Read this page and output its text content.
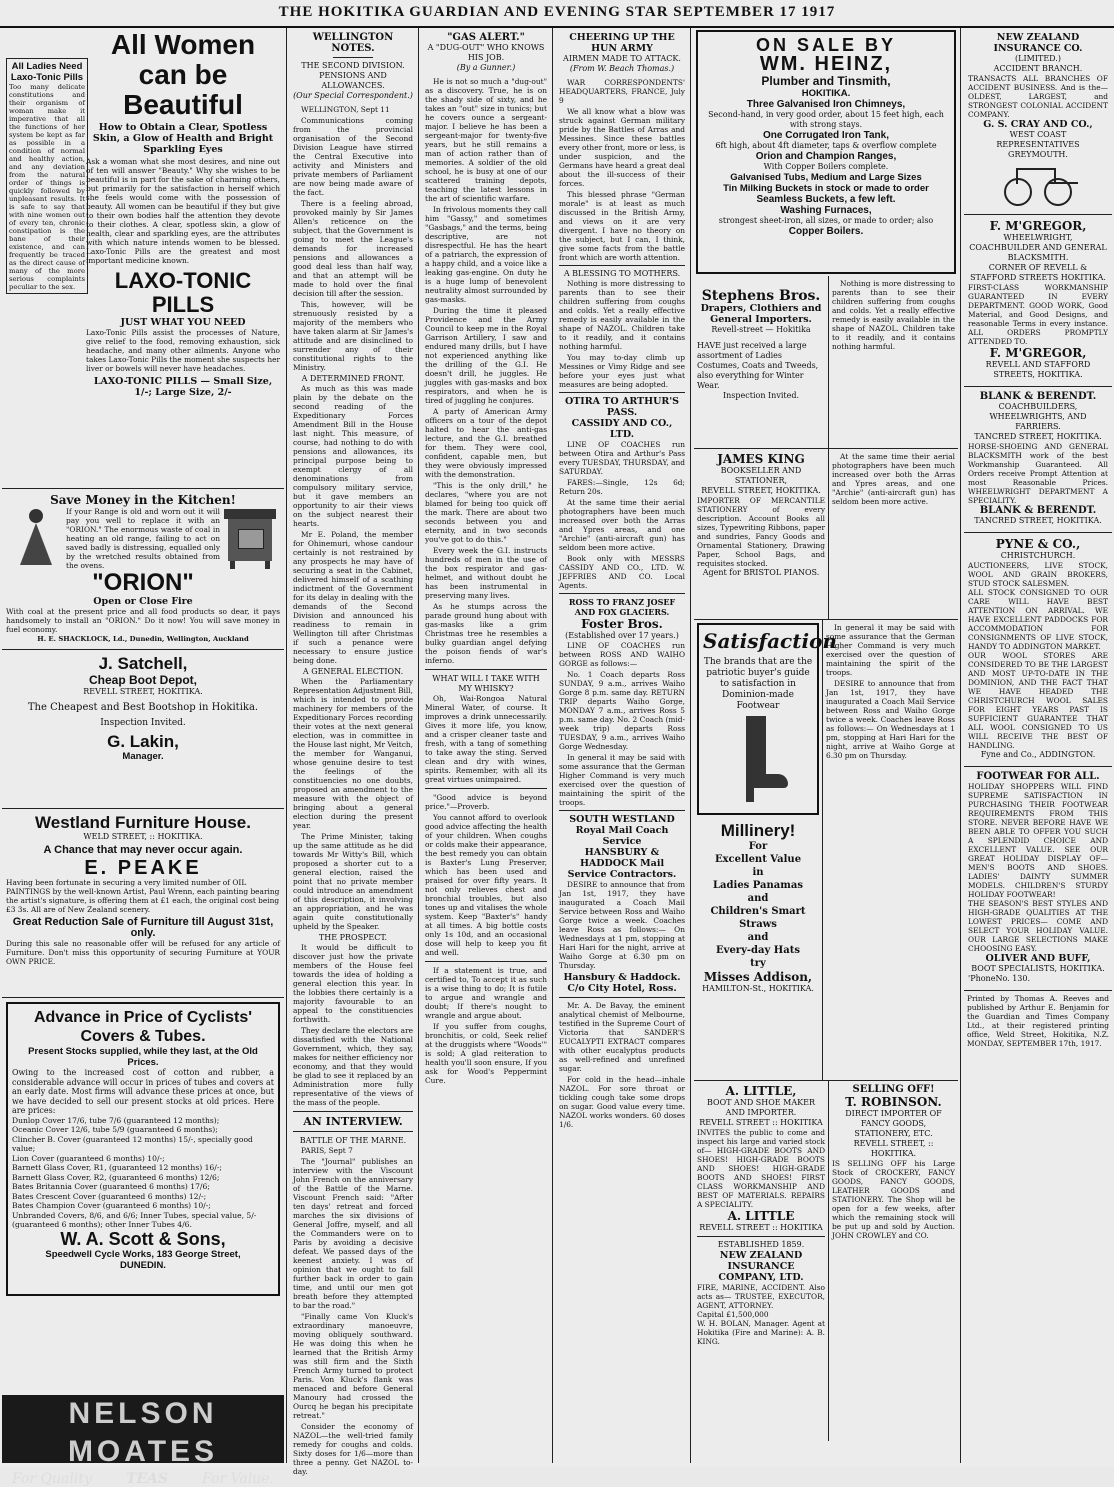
THE HOKITIKA GUARDIAN AND EVENING STAR SEPTEMBER 17 1917
All Ladies Need Laxo-Tonic Pills
Too many delicate constitutions and their organism of woman make it imperative that all the functions of her system be kept as far as possible in a condition of normal and healthy action, and any deviation from the natural order of things is quickly followed by unpleasant results. It is safe to say that with nine women out of every ten, chronic constipation is the bane of their existence, and can frequently be traced as the direct cause of many of the more serious complaints peculiar to the sex.
All Women can be Beautiful
How to Obtain a Clear, Spotless Skin, a Glow of Health and Bright Sparkling Eyes
Ask a woman what she most desires, and nine out of ten will answer "Beauty." Why she wishes to be beautiful is in part for the sake of charming others, but primarily for the satisfaction in herself which she feels would come with the possession of beauty. All women can be beautiful if they but give to their own bodies half the attention they devote to their clothes. A clear, spotless skin, a glow of health, clear and sparkling eyes, are the attributes with which nature intends women to be blessed. Laxo-Tonic Pills are the greatest and most important medicine known.
LAXO-TONIC PILLS
JUST WHAT YOU NEED
Laxo-Tonic Pills assist the processes of Nature, give relief to the food, removing exhaustion, sick headache, and many other ailments. Anyone who takes Laxo-Tonic Pills the moment she suspects her liver or bowels will never have headaches.
LAXO-TONIC PILLS — Small Size, 1/-; Large Size, 2/-
Save Money in the Kitchen!
If your Range is old and worn out it will pay you well to replace it with an "ORION." The enormous waste of coal in heating an old range, failing to act on saved badly is distressing, equalled only by the wretched results obtained from the ovens.
"ORION"
Open or Close Fire
With coal at the present price and all food products so dear, it pays handsomely to install an "ORION." Do it now! You will save money in fuel economy.
H. E. SHACKLOCK, Ld., Dunedin, Wellington, Auckland
J. Satchell,
Cheap Boot Depot,
REVELL STREET, HOKITIKA.
The Cheapest and Best Bootshop in Hokitika.
Inspection Invited.
G. Lakin,
Manager.
Westland Furniture House.
WELD STREET, :: HOKITIKA.
A Chance that may never occur again.
E. PEAKE
Having been fortunate in securing a very limited number of OIL PAINTINGS by the well-known Artist, Paul Wrenn, each painting bearing the artist's signature, is offering them at £1 each, the original cost being £3 3s. All are of New Zealand scenery.
Great Reduction Sale of Furniture till August 31st, only.
During this sale no reasonable offer will be refused for any article of Furniture. Don't miss this opportunity of securing Furniture at YOUR OWN PRICE.
Advance in Price of Cyclists' Covers & Tubes.
Present Stocks supplied, while they last, at the Old Prices.
Owing to the increased cost of cotton and rubber, a considerable advance will occur in prices of tubes and covers at an early date. Most firms will advance these prices at once, but we have decided to sell our present stocks at old prices. Here are prices:
Dunlop Cover 17/6, tube 7/6 (guaranteed 12 months);
Oceanic Cover 12/6, tube 5/9 (guaranteed 6 months);
Clincher B. Cover (guaranteed 12 months) 15/-, specially good value;
Lion Cover (guaranteed 6 months) 10/-;
Barnett Glass Cover, R1, (guaranteed 12 months) 16/-;
Barnett Glass Cover, R2, (guaranteed 6 months) 12/6;
Bates Britannia Cover (guaranteed 6 months) 17/6;
Bates Crescent Cover (guaranteed 6 months) 12/-;
Bates Champion Cover (guaranteed 6 months) 10/-;
Unbranded Covers, 8/6, and 6/6; Inner Tubes, special value, 5/- (guaranteed 6 months); other Inner Tubes 4/6.
W. A. Scott & Sons,
Speedwell Cycle Works, 183 George Street,
DUNEDIN.
NELSON MOATES
For Quality TEAS For Value.
WELLINGTON NOTES.
THE SECOND DIVISION.
PENSIONS AND ALLOWANCES.
(Our Special Correspondent.)

WELLINGTON, Sept 11

Communications coming from the provincial organisation of the Second Division League have stirred the Central Executive into activity and Ministers and private members of Parliament are now being made aware of the fact.

There is a feeling abroad, provoked mainly by Sir James Allen's reticence on the subject, that the Government is going to meet the League's demands for increased pensions and allowances a good deal less than half way, and that an attempt will be made to hold over the final decision till after the session.

This, however, will be strenuously resisted by a majority of the members who have taken alarm at Sir James's attitude and are disinclined to surrender any of their constitutional rights to the Ministry.

A DETERMINED FRONT.

As much as this was made plain by the debate on the second reading of the Expeditionary Forces Amendment Bill in the House last night. This measure, of course, had nothing to do with pensions and allowances, its principal purpose being to exempt clergy of all denominations from compulsory military service, but it gave members an opportunity to air their views on the subject nearest their hearts.

Mr E. Poland, the member for Ohinemuri, whose candour certainly is not restrained by any prospects he may have of securing a seat in the Cabinet, delivered himself of a scathing indictment of the Government for its delay in dealing with the demands of the Second Division and announced his readiness to remain in Wellington till after Christmas if such a penance were necessary to ensure justice being done.

A GENERAL ELECTION.

When the Parliamentary Representation Adjustment Bill, which is intended to provide machinery for members of the Expeditionary Forces recording their votes at the next general election, was in committee in the House last night, Mr Veitch, the member for Wanganui, whose genuine desire to test the feelings of the constituencies no one doubts, proposed an amendment to the measure with the object of bringing about a general election during the present year.

The Prime Minister, taking up the same attitude as he did towards Mr Witty's Bill, which proposed a shorter cut to a general election, raised the point that no private member could introduce an amendment of this description, it involving an appropriation, and he was again quite constitutionally upheld by the Speaker.

THE PROSPECT.

It would be difficult to discover just how the private members of the House feel towards the idea of holding a general election this year. In the lobbies there certainly is a majority favourable to an appeal to the constituencies forthwith.

They declare the electors are dissatisfied with the National Government, which, they say, makes for neither efficiency nor economy, and that they would be glad to see it replaced by an Administration more fully representative of the views of the mass of the people.

AN INTERVIEW.
BATTLE OF THE MARNE.

PARIS, Sept 7

The "Journal" publishes an interview with the Viscount John French on the anniversary of the Battle of the Marne. Viscount French said: "After ten days' retreat and forced marches the six divisions of General Joffre, myself, and all the Commanders were on to Paris by avoiding a decisive defeat. We passed days of the keenest anxiety. I was of opinion that we ought to fall further back in order to gain time, and until our men got breath before they attempted to bar the road."

"Finally came Von Kluck's extraordinary manoeuvre, moving obliquely southward. He was doing this when he learned that the British Army was still firm and the Sixth French Army turned to protect Paris. Von Kluck's flank was menaced and before General Manoury had crossed the Ourcq he began his precipitate retreat."

Consider the economy of NAZOL—the well-tried family remedy for coughs and colds. Sixty doses for 1/6—more than three a penny. Get NAZOL to-day.

"GAS ALERT."
A "DUG-OUT" WHO KNOWS HIS JOB.
(By a Gunner.)

He is not so much a "dug-out" as a discovery. True, he is on the shady side of sixty, and he takes an "out" size in tunics; but he covers ounce a sergeant-major. I believe he has been a sergeant-major for twenty-five years, but he still remains a man of action rather than of memories. A soldier of the old school, he is busy at one of our scattered training depots, teaching the latest lessons in the art of scientific warfare.

In frivolous moments they call him "Gassy," and sometimes "Gasbags," and the terms, being descriptive, are not disrespectful. He has the heart of a patriarch, the expression of a happy child, and a voice like a leaking gas-engine. On duty he is a huge lump of benevolent neutrality almost surrounded by gas-masks.

During the time it pleased Providence and the Army Council to keep me in the Royal Garrison Artillery, I saw and endured many drills, but I have not experienced anything like the drilling of the G.I. He doesn't drill, he juggles. He juggles with gas-masks and box respirators, and when he is tired of juggling he conjures.

A party of American Army officers on a tour of the depot halted to hear the anti-gas lecture, and the G.I. breathed for them. They were cool, confident, capable men, but they were obviously impressed with the demonstration.

"This is the only drill," he declares, "where you are not blamed for being too quick off the mark. There are about two seconds between you and eternity, and in two seconds you've got to do this."

Every week the G.I. instructs hundreds of men in the use of the box respirator and gas-helmet, and without doubt he has been instrumental in preserving many lives.

As he stumps across the parade ground hung about with gas-masks like a grim Christmas tree he resembles a bulky guardian angel defying the poison fiends of war's inferno.

WHAT WILL I TAKE WITH MY WHISKY?

Oh, Wai-Rongoa Natural Mineral Water, of course. It improves a drink unnecessarily. Gives it more life, you know, and a crisper cleaner taste and fresh, with a tang of something to take away the sting. Served clean and dry with wines, spirits. Remember, with all its great virtues unimpaired.

"Good advice is beyond price."—Proverb.

You cannot afford to overlook good advice affecting the health of your children. When coughs or colds make their appearance, the best remedy you can obtain is Baxter's Lung Preserver, which has been used and praised for over fifty years. It not only relieves chest and bronchial troubles, but also tones up and vitalises the whole system. Keep "Baxter's" handy at all times. A big bottle costs only 1s 10d, and an occasional dose will help to keep you fit and well.

If a statement is true, and certified to, To accept it as such is a wise thing to do; It is futile to argue and wrangle and doubt; If there's nought to wrangle and argue about.

If you suffer from coughs, bronchitis, or cold, Seek relief at the druggists where "Woods'" is sold; A glad reiteration to health you'll soon ensure, If you ask for Wood's Peppermint Cure.

CHEERING UP THE HUN ARMY
AIRMEN MADE TO ATTACK.
(From W. Beach Thomas.)

WAR CORRESPONDENTS' HEADQUARTERS, FRANCE, July 9

We all know what a blow was struck against German military pride by the Battles of Arras and Messines. Since these battles every other front, more or less, is under suspicion, and the Germans have heard a great deal about the ill-success of their forces.

This blessed phrase "German morale" is at least as much discussed in the British Army, and views on it are very divergent. I have no theory on the subject, but I can, I think, give some facts from the battle front which are worth attention.

A BLESSING TO MOTHERS.

Nothing is more distressing to parents than to see their children suffering from coughs and colds. Yet a really effective remedy is easily available in the shape of NAZOL. Children take to it readily, and it contains nothing harmful.

You may to-day climb up Messines or Vimy Ridge and see before your eyes just what measures are being adopted.

OTIRA TO ARTHUR'S PASS.
CASSIDY AND CO., LTD.

LINE OF COACHES run between Otira and Arthur's Pass every TUESDAY, THURSDAY, and SATURDAY.

FARES:—Single, 12s 6d; Return 20s.

At the same time their aerial photographers have been much increased over both the Arras and Ypres areas, and one "Archie" (anti-aircraft gun) has seldom been more active.

Book only with MESSRS CASSIDY AND CO., LTD. W. JEFFRIES AND CO. Local Agents.

ROSS TO FRANZ JOSEF AND FOX GLACIERS.
Foster Bros.
(Established over 17 years.)

LINE OF COACHES run between ROSS AND WAIHO GORGE as follows:—

No. 1 Coach departs Ross SUNDAY, 9 a.m., arrives Waiho Gorge 8 p.m. same day. RETURN TRIP departs Waiho Gorge, MONDAY 7 a.m., arrives Ross 5 p.m. same day. No. 2 Coach (mid-week trip) departs Ross TUESDAY, 9 a.m., arrives Waiho Gorge Wednesday.

In general it may be said with some assurance that the German Higher Command is very much exercised over the question of maintaining the spirit of the troops.

SOUTH WESTLAND Royal Mail Coach Service
HANSBURY & HADDOCK Mail Service Contractors.

DESIRE to announce that from Jan 1st, 1917, they have inaugurated a Coach Mail Service between Ross and Waiho Gorge twice a week. Coaches leave Ross as follows:— On Wednesdays at 1 pm, stopping at Hari Hari for the night, arrive at Waiho Gorge at 6.30 pm on Thursday.

Hansbury & Haddock. C/o City Hotel, Ross.

Mr. A. De Bavay, the eminent analytical chemist of Melbourne, testified in the Supreme Court of Victoria that SANDER'S EUCALYPTI EXTRACT compares with other eucalyptus products as well-refined and unrefined sugar.

For cold in the head—inhale NAZOL. For sore throat or tickling cough take some drops on sugar. Good value every time. NAZOL works wonders. 60 doses 1/6.

ON SALE BY
WM. HEINZ,
Plumber and Tinsmith,
HOKITIKA.
Three Galvanised Iron Chimneys,
Second-hand, in very good order, about 15 feet high, each with strong stays.
One Corrugated Iron Tank,
6ft high, about 4ft diameter, taps & overflow complete
Orion and Champion Ranges,
With Copper Boilers complete.
Galvanised Tubs, Medium and Large Sizes
Tin Milking Buckets in stock or made to order
Seamless Buckets, a few left.
Washing Furnaces,
strongest sheet-iron, all sizes, or made to order; also
Copper Boilers.
Stephens Bros.
Drapers, Clothiers and General Importers.
Revell-street — Hokitika
HAVE just received a large assortment of Ladies Costumes, Coats and Tweeds, also everything for Winter Wear.
Inspection Invited.

Nothing is more distressing to parents than to see their children suffering from coughs and colds. Yet a really effective remedy is easily available in the shape of NAZOL. Children take to it readily, and it contains nothing harmful.

JAMES KING
BOOKSELLER AND STATIONER,
REVELL STREET, HOKITIKA.
IMPORTER OF MERCANTILE STATIONERY of every description. Account Books all sizes, Typewriting Ribbons, paper and sundries, Fancy Goods and Ornamental Stationery, Drawing Paper, School Bags, and requisites stocked.
Agent for BRISTOL PIANOS.

At the same time their aerial photographers have been much increased over both the Arras and Ypres areas, and one "Archie" (anti-aircraft gun) has seldom been more active.

Satisfaction
The brands that are the patriotic buyer's guide to satisfaction in Dominion-made Footwear
Millinery!
For
Excellent Value
in
Ladies Panamas
and
Children's Smart Straws
and
Every-day Hats
try
Misses Addison,
HAMILTON-St., HOKITIKA.

In general it may be said with some assurance that the German Higher Command is very much exercised over the question of maintaining the spirit of the troops.

DESIRE to announce that from Jan 1st, 1917, they have inaugurated a Coach Mail Service between Ross and Waiho Gorge twice a week. Coaches leave Ross as follows:— On Wednesdays at 1 pm, stopping at Hari Hari for the night, arrive at Waiho Gorge at 6.30 pm on Thursday.

A. LITTLE,
BOOT AND SHOE MAKER AND IMPORTER.
REVELL STREET :: HOKITIKA
INVITES the public to come and inspect his large and varied stock of— HIGH-GRADE BOOTS AND SHOES! HIGH-GRADE BOOTS AND SHOES! HIGH-GRADE BOOTS AND SHOES! FIRST CLASS WORKMANSHIP AND BEST OF MATERIALS. REPAIRS A SPECIALITY.
A. LITTLE
REVELL STREET :: HOKITIKA
ESTABLISHED 1859.
NEW ZEALAND INSURANCE COMPANY, LTD.
FIRE, MARINE, ACCIDENT. Also acts as— TRUSTEE, EXECUTOR, AGENT, ATTORNEY.
Capital £1,500,000
W. H. BOLAN, Manager. Agent at Hokitika (Fire and Marine): A. B. KING.
SELLING OFF!
T. ROBINSON.
DIRECT IMPORTER OF FANCY GOODS, STATIONERY, ETC.
REVELL STREET, :: HOKITIKA.
IS SELLING OFF his Large Stock of CROCKERY, FANCY GOODS, FANCY GOODS, LEATHER GOODS and STATIONERY. The Shop will be open for a few weeks, after which the remaining stock will be put up and sold by Auction. JOHN CROWLEY and CO.
NEW ZEALAND INSURANCE CO.
(LIMITED.)
ACCIDENT BRANCH.
TRANSACTS ALL BRANCHES OF ACCIDENT BUSINESS. And is the— OLDEST, LARGEST, and STRONGEST COLONIAL ACCIDENT COMPANY.
G. S. CRAY AND CO.,
WEST COAST REPRESENTATIVES
GREYMOUTH.
F. M'GREGOR,
WHEELWRIGHT, COACHBUILDER AND GENERAL BLACKSMITH.
CORNER OF REVELL & STAFFORD STREETS HOKITIKA.
FIRST-CLASS WORKMANSHIP GUARANTEED IN EVERY DEPARTMENT. GOOD WORK, Good Material, and Good Designs, and reasonable Terms in every instance. ALL ORDERS PROMPTLY ATTENDED TO.
F. M'GREGOR,
REVELL AND STAFFORD STREETS, HOKITIKA.
BLANK & BERENDT.
COACHBUILDERS, WHEELWRIGHTS, AND FARRIERS.
TANCRED STREET, HOKITIKA.
HORSE-SHOEING AND GENERAL BLACKSMITH work of the best Workmanship Guaranteed. All Orders receive Prompt Attention at most Reasonable Prices. WHEELWRIGHT DEPARTMENT A SPECIALITY.
BLANK & BERENDT.
TANCRED STREET, HOKITIKA.
PYNE & CO.,
CHRISTCHURCH.
AUCTIONEERS, LIVE STOCK, WOOL AND GRAIN BROKERS, STUD STOCK SALESMEN.
ALL STOCK CONSIGNED TO OUR CARE WILL HAVE BEST ATTENTION ON ARRIVAL. WE HAVE EXCELLENT PADDOCKS FOR ACCOMMODATION FOR CONSIGNMENTS OF LIVE STOCK, HANDY TO ADDINGTON MARKET.
OUR WOOL STORES ARE CONSIDERED TO BE THE LARGEST AND MOST UP-TO-DATE IN THE DOMINION, AND THE FACT THAT WE HAVE HEADED THE CHRISTCHURCH WOOL SALES FOR EIGHT YEARS PAST IS SUFFICIENT GUARANTEE THAT ALL WOOL CONSIGNED TO US WILL RECEIVE THE BEST OF HANDLING.
Fyne and Co., ADDINGTON.
FOOTWEAR FOR ALL.
HOLIDAY SHOPPERS WILL FIND SUPREME SATISFACTION IN PURCHASING THEIR FOOTWEAR REQUIREMENTS FROM THIS STORE. NEVER BEFORE HAVE WE BEEN ABLE TO OFFER YOU SUCH A SPLENDID CHOICE AND EXCELLENT VALUE. SEE OUR GREAT HOLIDAY DISPLAY OF— MEN'S BOOTS AND SHOES. LADIES' DAINTY SUMMER MODELS. CHILDREN'S STURDY HOLIDAY FOOTWEAR!
THE SEASON'S BEST STYLES AND HIGH-GRADE QUALITIES AT THE LOWEST PRICES— COME AND SELECT YOUR HOLIDAY VALUE. OUR LARGE SELECTIONS MAKE CHOOSING EASY.
OLIVER AND BUFF,
BOOT SPECIALISTS, HOKITIKA.
'PhoneNo. 130.
Printed by Thomas A. Reeves and published by Arthur E. Benjamin for the Guardian and Times Company Ltd., at their registered printing office, Weld Street, Hokitika, N.Z. MONDAY, SEPTEMBER 17th, 1917.
